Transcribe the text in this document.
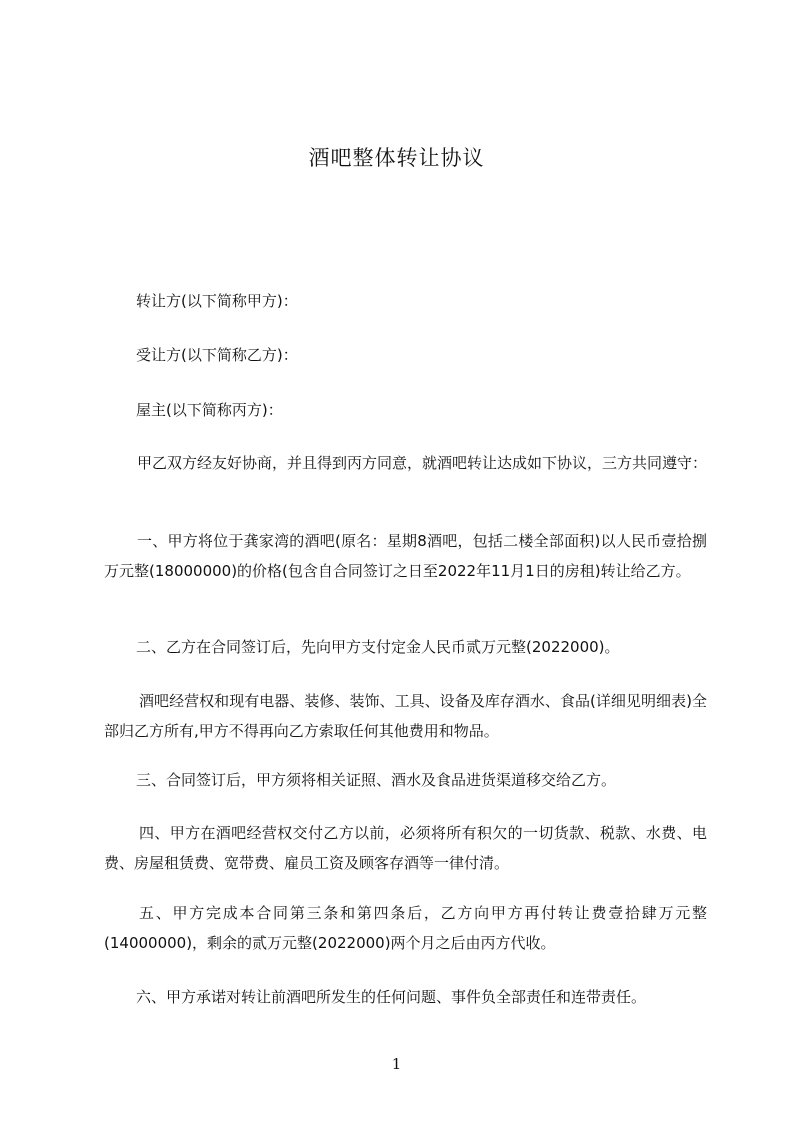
酒吧整体转让协议
转让方(以下简称甲方)：
受让方(以下简称乙方)：
屋主(以下简称丙方)：
甲乙双方经友好协商，并且得到丙方同意，就酒吧转让达成如下协议，三方共同遵守：
一、甲方将位于龚家湾的酒吧(原名：星期8酒吧，包括二楼全部面积)以人民币壹拾捌万元整(18000000)的价格(包含自合同签订之日至2022年11月1日的房租)转让给乙方。
二、乙方在合同签订后，先向甲方支付定金人民币贰万元整(2022000)。
酒吧经营权和现有电器、装修、装饰、工具、设备及库存酒水、食品(详细见明细表)全部归乙方所有,甲方不得再向乙方索取任何其他费用和物品。
三、合同签订后，甲方须将相关证照、酒水及食品进货渠道移交给乙方。
四、甲方在酒吧经营权交付乙方以前，必须将所有积欠的一切货款、税款、水费、电费、房屋租赁费、宽带费、雇员工资及顾客存酒等一律付清。
五、甲方完成本合同第三条和第四条后，乙方向甲方再付转让费壹拾肆万元整(14000000)，剩余的贰万元整(2022000)两个月之后由丙方代收。
六、甲方承诺对转让前酒吧所发生的任何问题、事件负全部责任和连带责任。
1
